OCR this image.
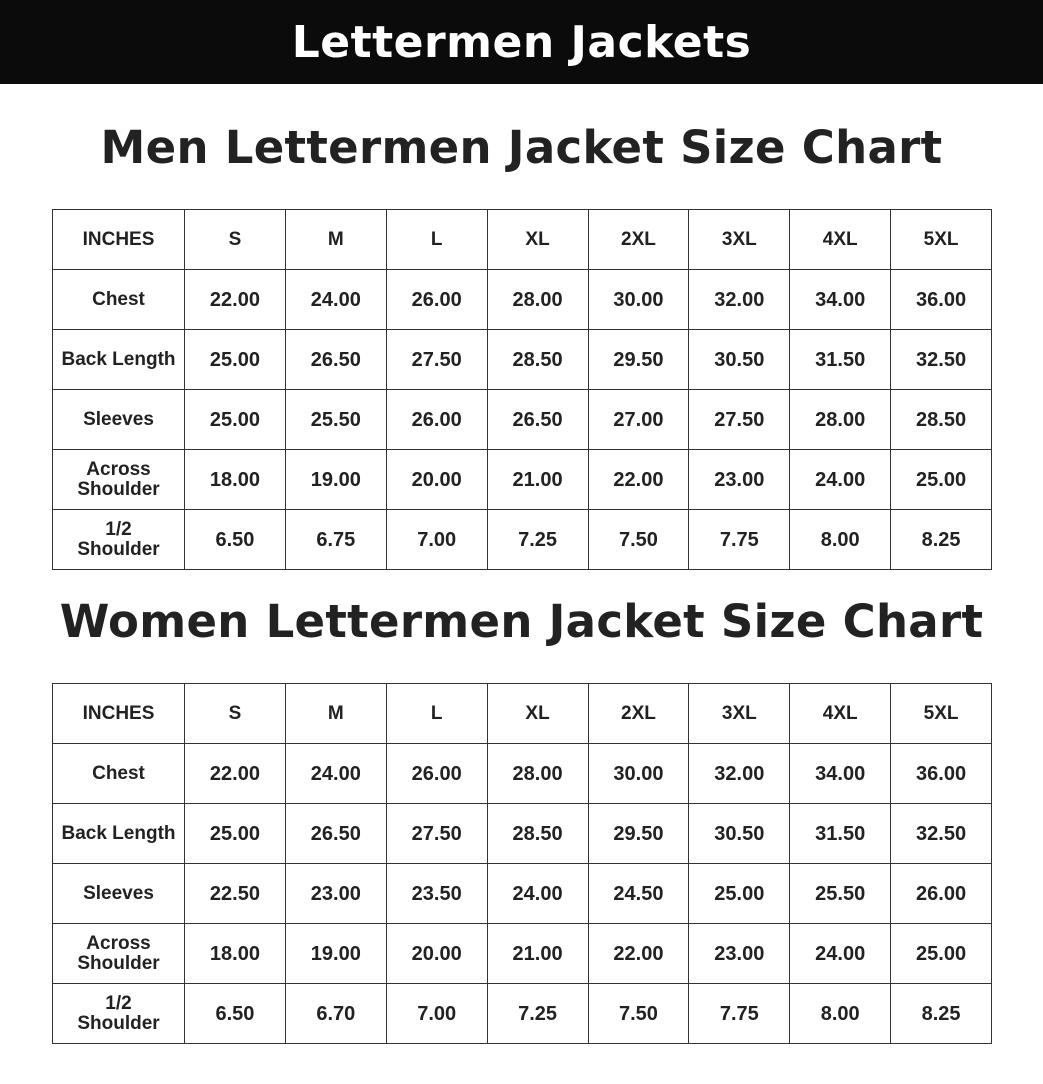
Lettermen Jackets
Men Lettermen Jacket Size Chart
INCHES	S	M	L	XL	2XL	3XL	4XL	5XL
Chest	22.00	24.00	26.00	28.00	30.00	32.00	34.00	36.00
Back Length	25.00	26.50	27.50	28.50	29.50	30.50	31.50	32.50
Sleeves	25.00	25.50	26.00	26.50	27.00	27.50	28.00	28.50
Across
Shoulder	18.00	19.00	20.00	21.00	22.00	23.00	24.00	25.00
1/2
Shoulder	6.50	6.75	7.00	7.25	7.50	7.75	8.00	8.25
Women Lettermen Jacket Size Chart
INCHES	S	M	L	XL	2XL	3XL	4XL	5XL
Chest	22.00	24.00	26.00	28.00	30.00	32.00	34.00	36.00
Back Length	25.00	26.50	27.50	28.50	29.50	30.50	31.50	32.50
Sleeves	22.50	23.00	23.50	24.00	24.50	25.00	25.50	26.00
Across
Shoulder	18.00	19.00	20.00	21.00	22.00	23.00	24.00	25.00
1/2
Shoulder	6.50	6.70	7.00	7.25	7.50	7.75	8.00	8.25
